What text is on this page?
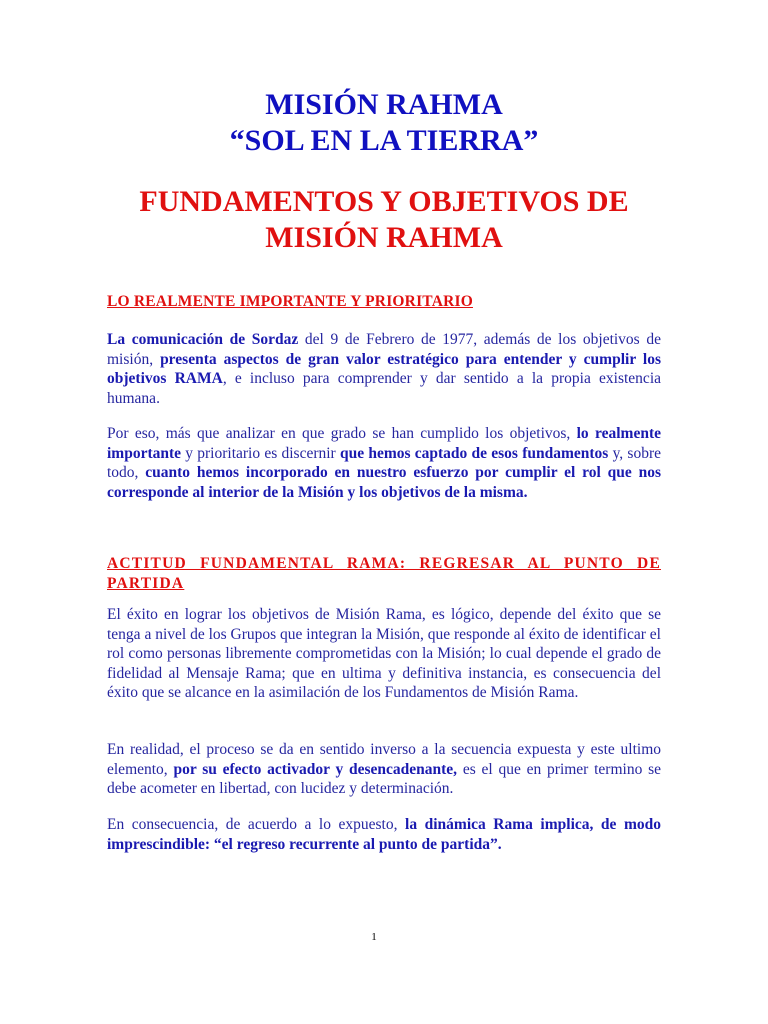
MISIÓN RAHMA
“SOL EN LA TIERRA”
FUNDAMENTOS Y OBJETIVOS DE
MISIÓN RAHMA
LO REALMENTE IMPORTANTE Y PRIORITARIO
La comunicación de Sordaz del 9 de Febrero de 1977, además de los objetivos de misión, presenta aspectos de gran valor estratégico para entender y cumplir los objetivos RAMA, e incluso para comprender y dar sentido a la propia existencia humana.
Por eso, más que analizar en que grado se han cumplido los objetivos, lo realmente importante y prioritario es discernir que hemos captado de esos fundamentos y, sobre todo, cuanto hemos incorporado en nuestro esfuerzo por cumplir el rol que nos corresponde al interior de la Misión y los objetivos de la misma.
ACTITUD FUNDAMENTAL RAMA: REGRESAR AL PUNTO DE PARTIDA
El éxito en lograr los objetivos de Misión Rama, es lógico, depende del éxito que se tenga a nivel de los Grupos que integran la Misión, que responde al éxito de identificar el rol como personas libremente comprometidas con la Misión; lo cual depende el grado de fidelidad al Mensaje Rama; que en ultima y definitiva instancia, es consecuencia del éxito que se alcance en la asimilación de los Fundamentos de Misión Rama.
En realidad, el proceso se da en sentido inverso a la secuencia expuesta y este ultimo elemento, por su efecto activador y desencadenante, es el que en primer termino se debe acometer en libertad, con lucidez y determinación.
En consecuencia, de acuerdo a lo expuesto, la dinámica Rama implica, de modo imprescindible: “el regreso recurrente al punto de partida”.
1
